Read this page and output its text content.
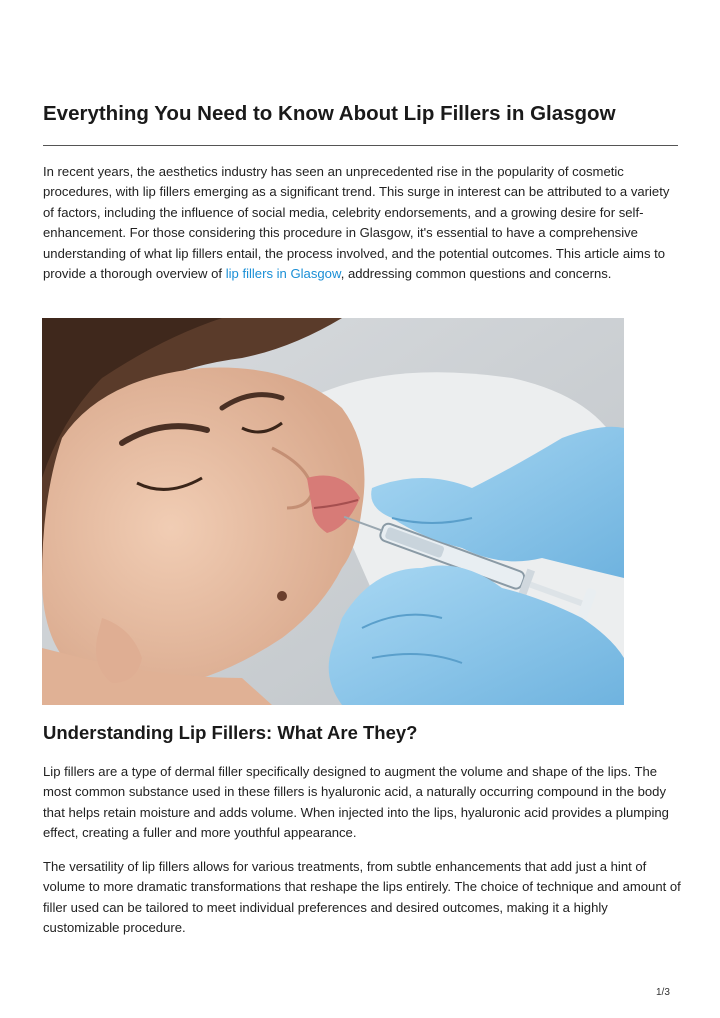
Everything You Need to Know About Lip Fillers in Glasgow

In recent years, the aesthetics industry has seen an unprecedented rise in the popularity of cosmetic procedures, with lip fillers emerging as a significant trend. This surge in interest can be attributed to a variety of factors, including the influence of social media, celebrity endorsements, and a growing desire for self-enhancement. For those considering this procedure in Glasgow, it's essential to have a comprehensive understanding of what lip fillers entail, the process involved, and the potential outcomes. This article aims to provide a thorough overview of lip fillers in Glasgow, addressing common questions and concerns.

Understanding Lip Fillers: What Are They?

Lip fillers are a type of dermal filler specifically designed to augment the volume and shape of the lips. The most common substance used in these fillers is hyaluronic acid, a naturally occurring compound in the body that helps retain moisture and adds volume. When injected into the lips, hyaluronic acid provides a plumping effect, creating a fuller and more youthful appearance.

The versatility of lip fillers allows for various treatments, from subtle enhancements that add just a hint of volume to more dramatic transformations that reshape the lips entirely. The choice of technique and amount of filler used can be tailored to meet individual preferences and desired outcomes, making it a highly customizable procedure.

1/3
